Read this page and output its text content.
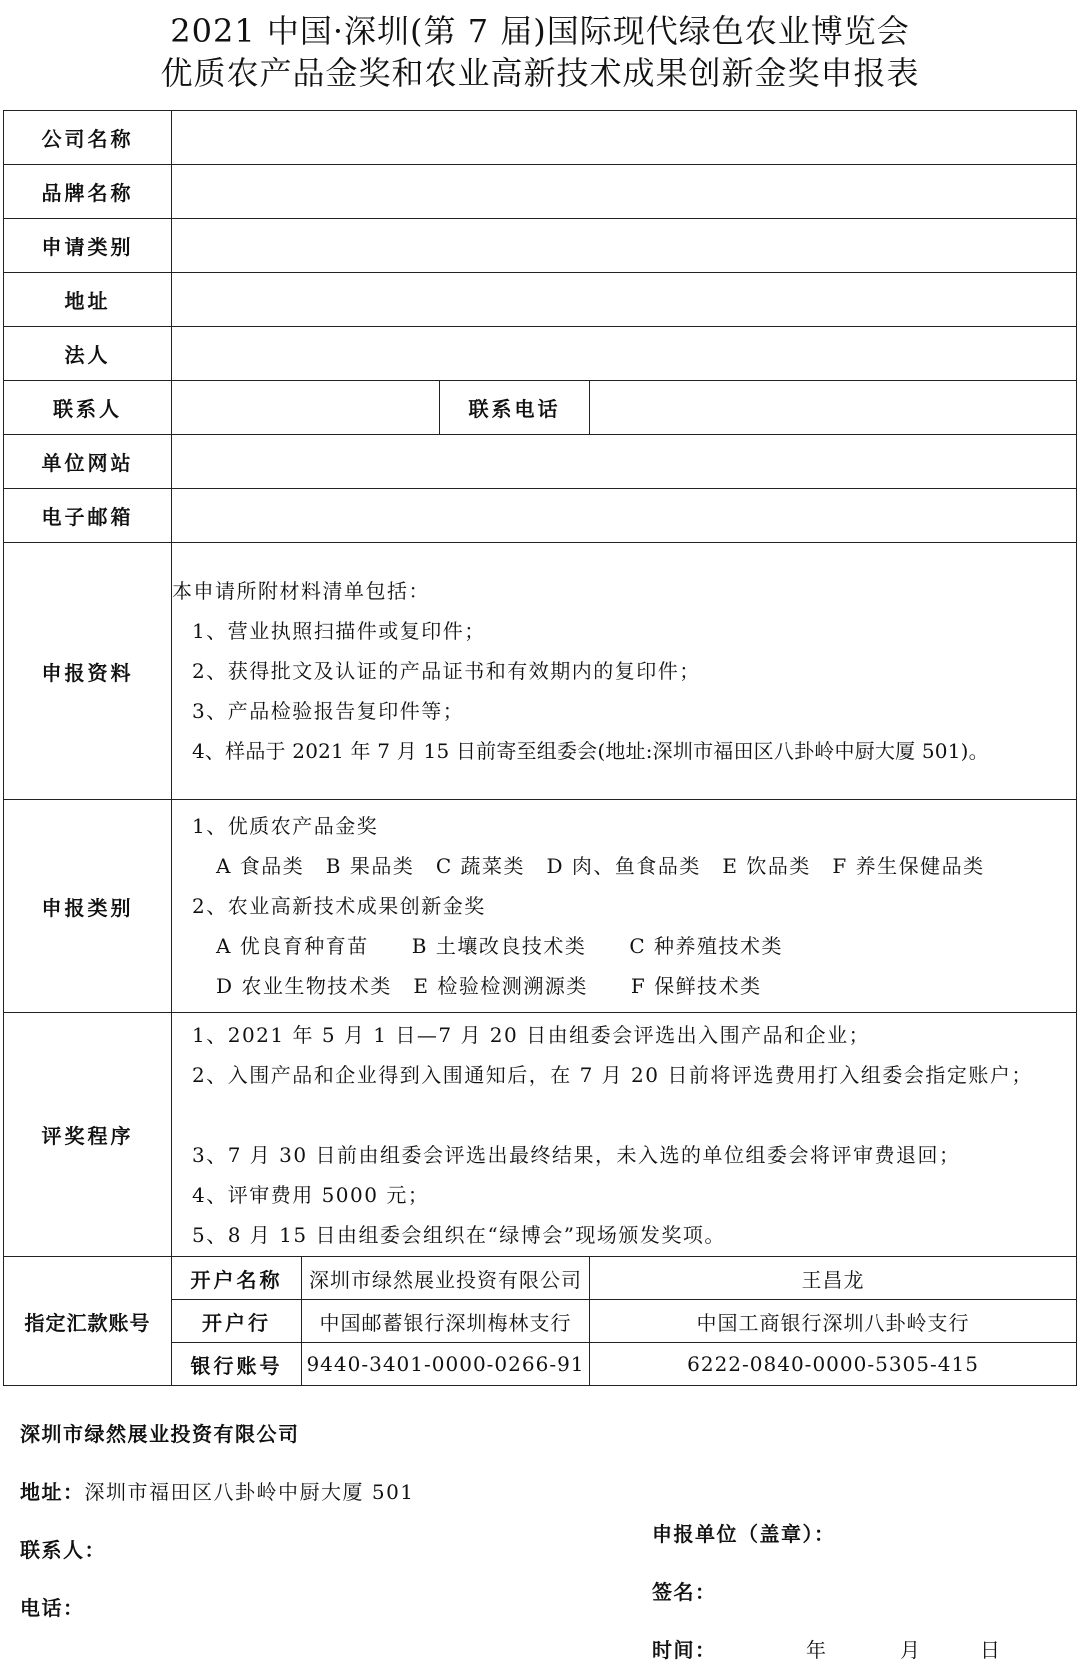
2021 中国·深圳(第 7 届)国际现代绿色农业博览会
优质农产品金奖和农业高新技术成果创新金奖申报表
公司名称				
品牌名称				
申请类别				
地址				
法人				
联系人			联系电话	
单位网站				
电子邮箱				
申报资料	本申请所附材料清单包括：
1、营业执照扫描件或复印件；
2、获得批文及认证的产品证书和有效期内的复印件；
3、产品检验报告复印件等；
4、样品于 2021 年 7 月 15 日前寄至组委会(地址:深圳市福田区八卦岭中厨大厦 501)。			

申报类别	1、优质农产品金奖
A 食品类　B 果品类　C 蔬菜类　D 肉、鱼食品类　E 饮品类　F 养生保健品类
2、农业高新技术成果创新金奖
A 优良育种育苗　　B 土壤改良技术类　　C 种养殖技术类
D 农业生物技术类　E 检验检测溯源类　　F 保鲜技术类			

评奖程序	1、2021 年 5 月 1 日—7 月 20 日由组委会评选出入围产品和企业；
2、入围产品和企业得到入围通知后，在 7 月 20 日前将评选费用打入组委会指定账户；
3、7 月 30 日前由组委会评选出最终结果，未入选的单位组委会将评审费退回；
4、评审费用 5000 元；
5、8 月 15 日由组委会组织在“绿博会”现场颁发奖项。			

指定汇款账号	开户名称	深圳市绿然展业投资有限公司		王昌龙
	开户行	中国邮蓄银行深圳梅林支行		中国工商银行深圳八卦岭支行
	银行账号	9440-3401-0000-0266-91		6222-0840-0000-5305-415
深圳市绿然展业投资有限公司
地址：深圳市福田区八卦岭中厨大厦 501
联系人：
电话：
申报单位（盖章）：
签名：
时间：	年	月	日
